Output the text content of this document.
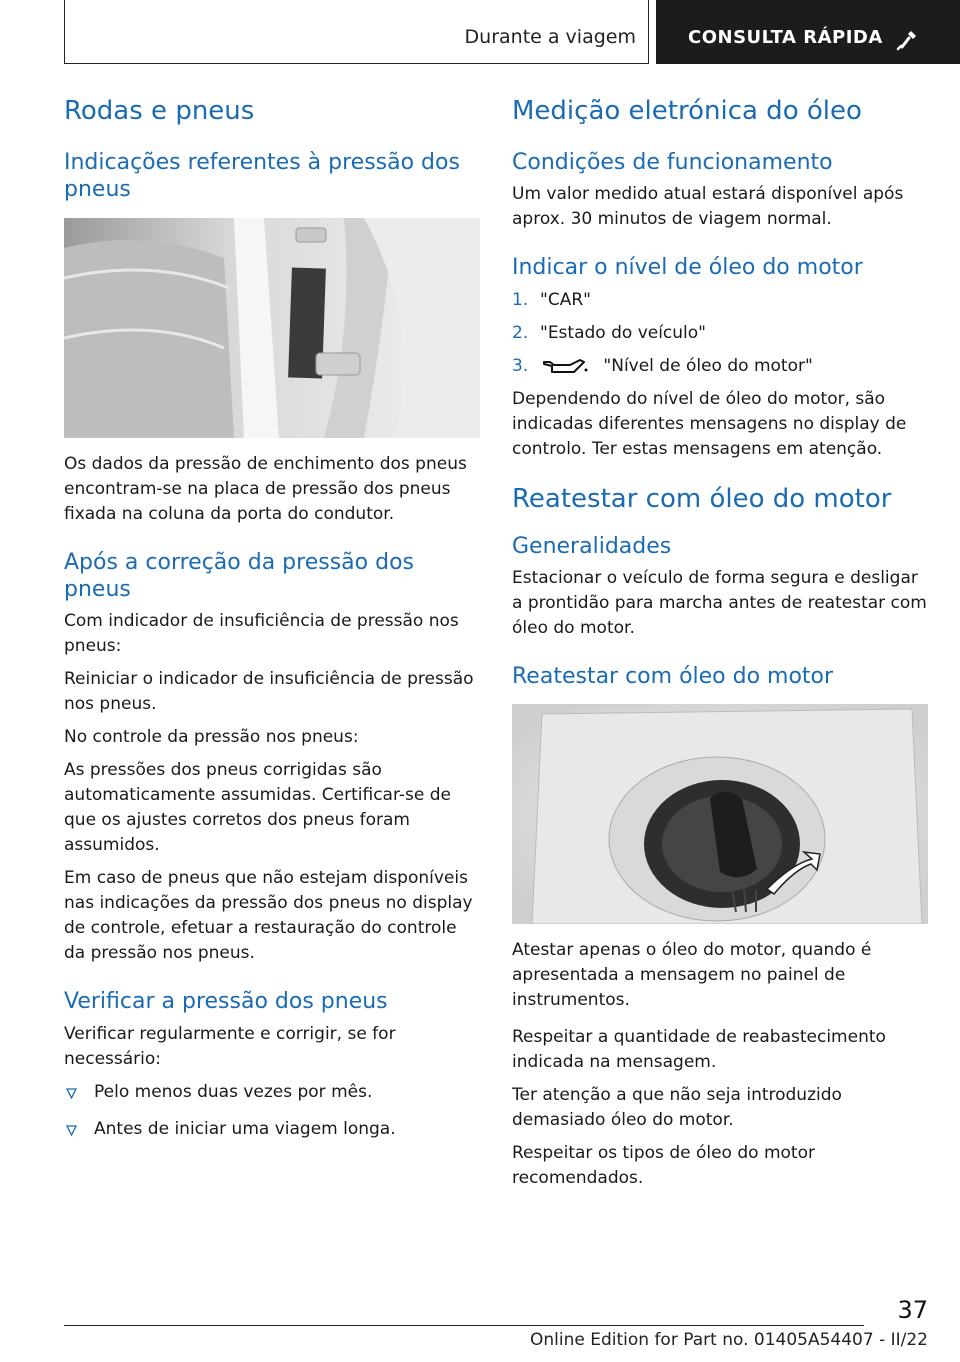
Durante a viagem	CONSULTA RÁPIDA
Rodas e pneus
Indicações referentes à pressão dos pneus

Os dados da pressão de enchimento dos pneus encontram-se na placa de pressão dos pneus fixada na coluna da porta do condutor.

Após a correção da pressão dos pneus

Com indicador de insuficiência de pressão nos pneus:

Reiniciar o indicador de insuficiência de pressão nos pneus.

No controle da pressão nos pneus:

As pressões dos pneus corrigidas são automaticamente assumidas. Certificar-se de que os ajustes corretos dos pneus foram assumidos.

Em caso de pneus que não estejam disponíveis nas indicações da pressão dos pneus no display de controle, efetuar a restauração do controle da pressão nos pneus.

Verificar a pressão dos pneus

Verificar regularmente e corrigir, se for necessário:

Pelo menos duas vezes por mês.
Antes de iniciar uma viagem longa.
Medição eletrónica do óleo
Condições de funcionamento

Um valor medido atual estará disponível após aprox. 30 minutos de viagem normal.

Indicar o nível de óleo do motor
1. "CAR"
2. "Estado do veículo"
3.	"Nível de óleo do motor"

Dependendo do nível de óleo do motor, são indicadas diferentes mensagens no display de controlo. Ter estas mensagens em atenção.

Reatestar com óleo do motor
Generalidades

Estacionar o veículo de forma segura e desligar a prontidão para marcha antes de reatestar com óleo do motor.

Reatestar com óleo do motor

Atestar apenas o óleo do motor, quando é apresentada a mensagem no painel de instrumentos.

Respeitar a quantidade de reabastecimento indicada na mensagem.

Ter atenção a que não seja introduzido demasiado óleo do motor.

Respeitar os tipos de óleo do motor recomendados.

37
Online Edition for Part no. 01405A54407 - II/22
